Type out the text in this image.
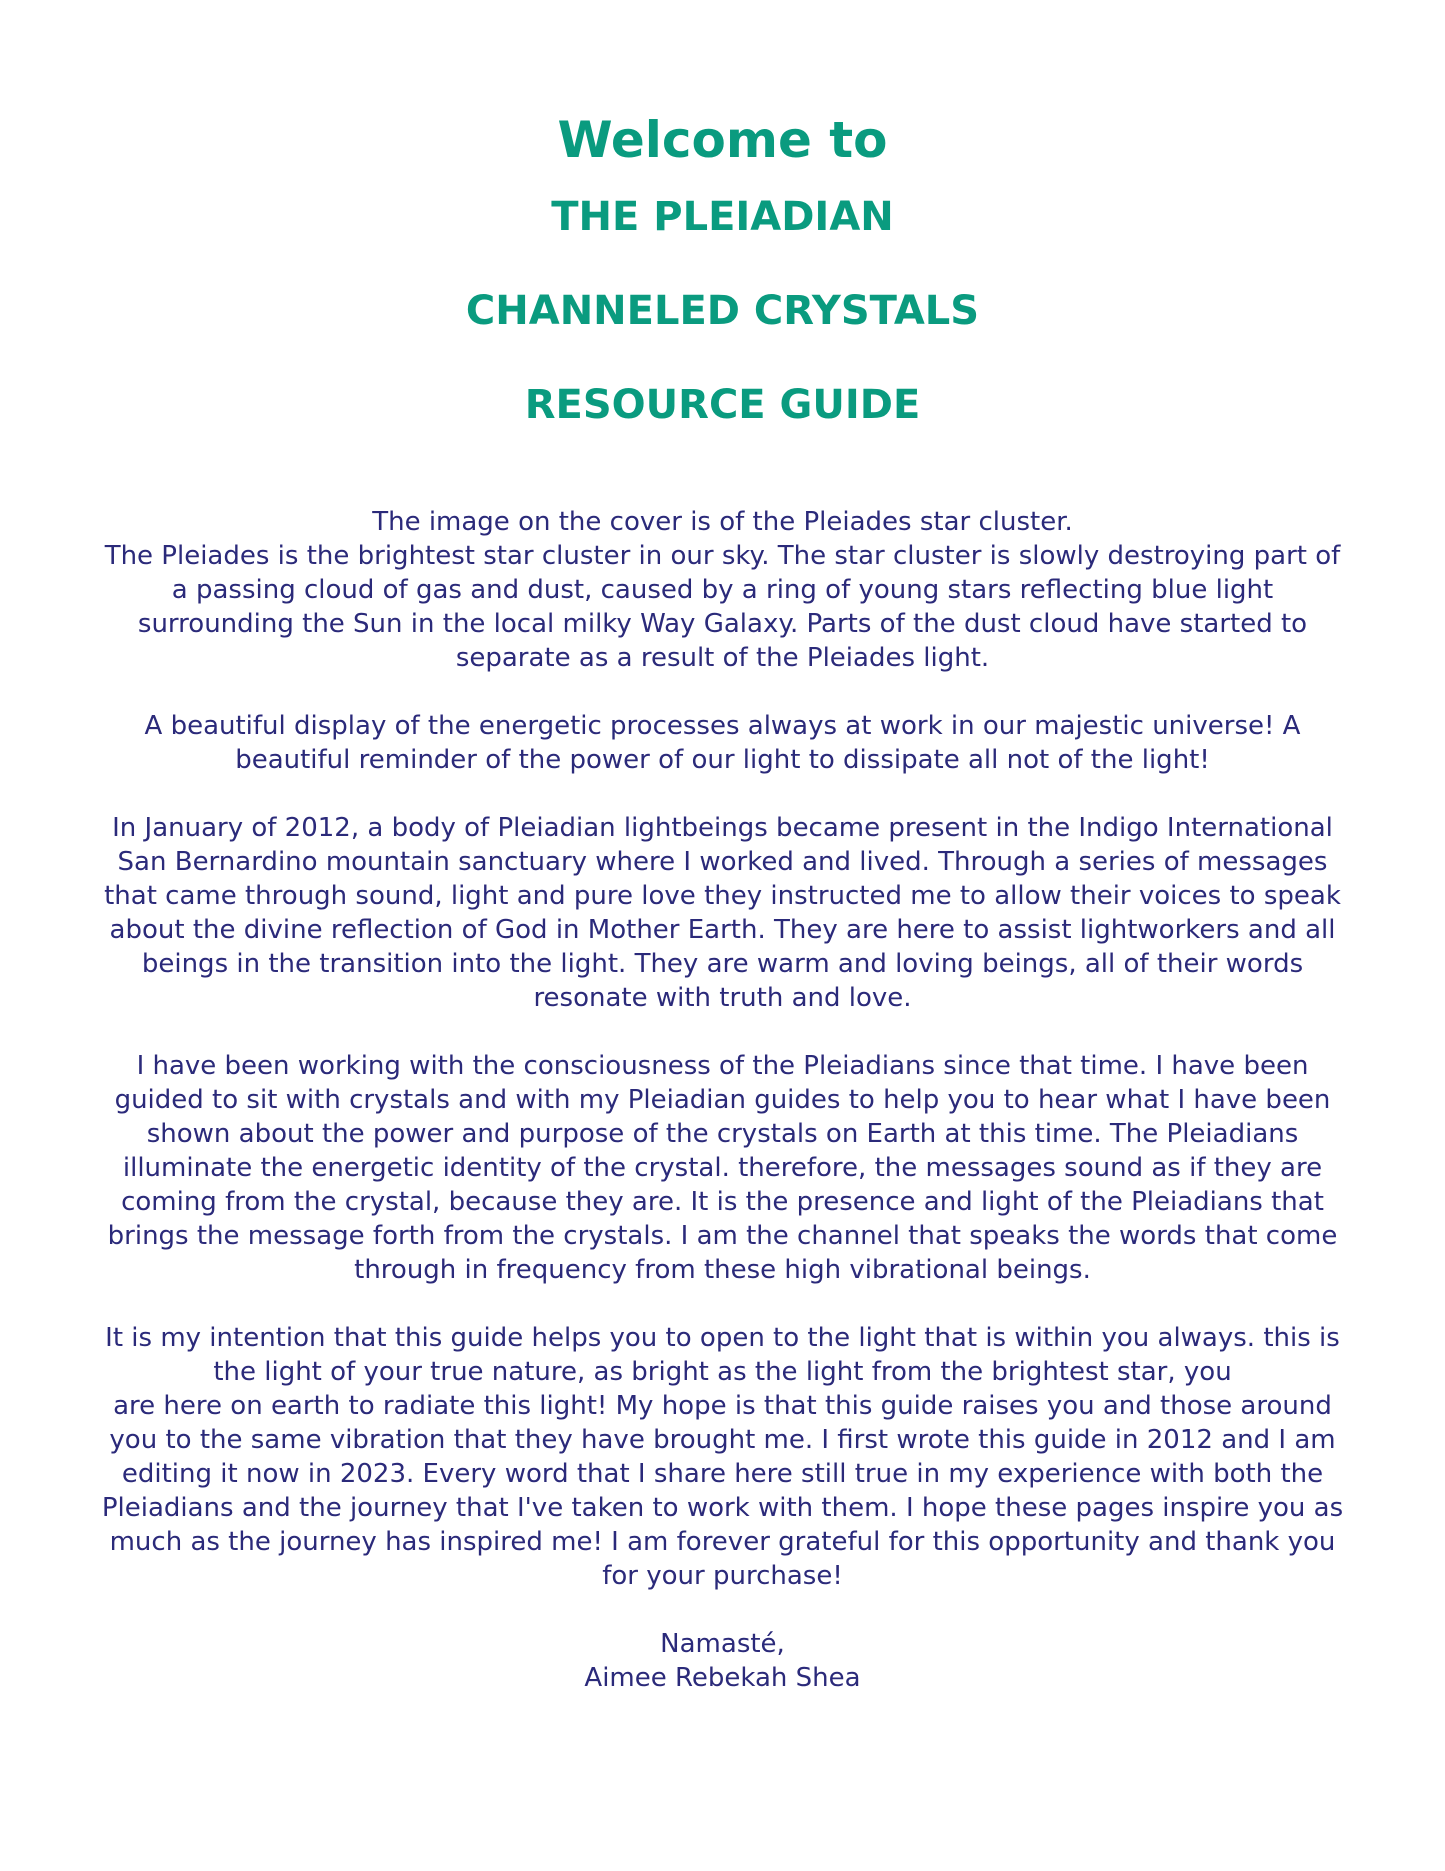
Welcome to

THE PLEIADIAN

CHANNELED CRYSTALS

RESOURCE GUIDE

The image on the cover is of the Pleiades star cluster.
The Pleiades is the brightest star cluster in our sky. The star cluster is slowly destroying part of
a passing cloud of gas and dust, caused by a ring of young stars reflecting blue light
surrounding the Sun in the local milky Way Galaxy. Parts of the dust cloud have started to
separate as a result of the Pleiades light.

A beautiful display of the energetic processes always at work in our majestic universe! A
beautiful reminder of the power of our light to dissipate all not of the light!

In January of 2012, a body of Pleiadian lightbeings became present in the Indigo International
San Bernardino mountain sanctuary where I worked and lived. Through a series of messages
that came through sound, light and pure love they instructed me to allow their voices to speak
about the divine reflection of God in Mother Earth. They are here to assist lightworkers and all
beings in the transition into the light. They are warm and loving beings, all of their words
resonate with truth and love.

I have been working with the consciousness of the Pleiadians since that time. I have been
guided to sit with crystals and with my Pleiadian guides to help you to hear what I have been
shown about the power and purpose of the crystals on Earth at this time. The Pleiadians
illuminate the energetic identity of the crystal. therefore, the messages sound as if they are
coming from the crystal, because they are. It is the presence and light of the Pleiadians that
brings the message forth from the crystals. I am the channel that speaks the words that come
through in frequency from these high vibrational beings.

It is my intention that this guide helps you to open to the light that is within you always. this is
the light of your true nature, as bright as the light from the brightest star, you
are here on earth to radiate this light! My hope is that this guide raises you and those around
you to the same vibration that they have brought me. I first wrote this guide in 2012 and I am
editing it now in 2023. Every word that I share here still true in my experience with both the
Pleiadians and the journey that I've taken to work with them. I hope these pages inspire you as
much as the journey has inspired me! I am forever grateful for this opportunity and thank you
for your purchase!

Namasté,
Aimee Rebekah Shea
